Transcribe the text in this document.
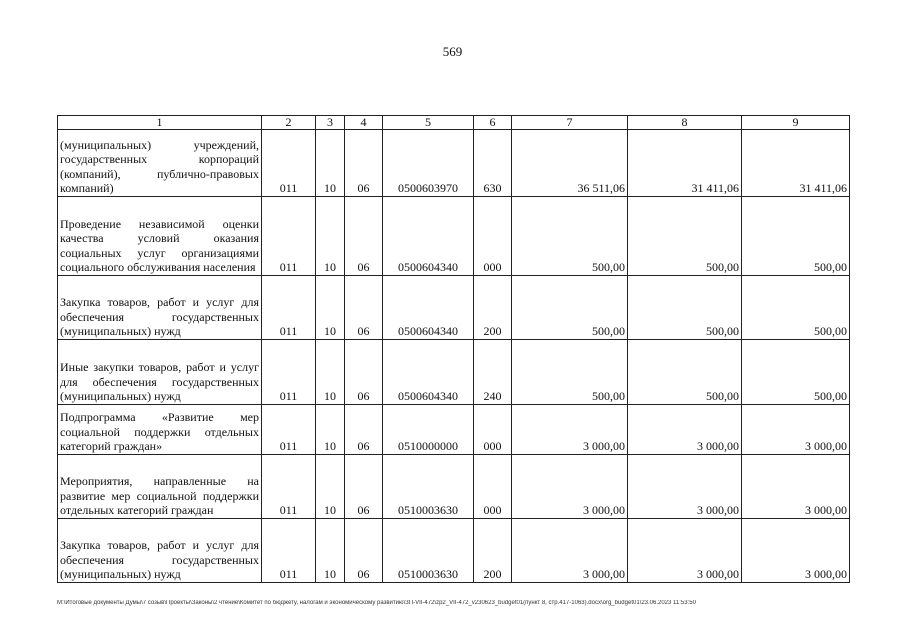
569
1	2	3	4	5	6	7	8	9
(муниципальных) учреждений, государственных корпораций (компаний), публично-правовых компаний)	011	10	06	0500603970	630	36 511,06	31 411,06	31 411,06
Проведение независимой оценки качества условий оказания социальных услуг организациями социального обслуживания населения	011	10	06	0500604340	000	500,00	500,00	500,00
Закупка товаров, работ и услуг для обеспечения государственных (муниципальных) нужд	011	10	06	0500604340	200	500,00	500,00	500,00
Иные закупки товаров, работ и услуг для обеспечения государственных (муниципальных) нужд	011	10	06	0500604340	240	500,00	500,00	500,00
Подпрограмма «Развитие мер социальной поддержки отдельных категорий граждан»	011	10	06	0510000000	000	3 000,00	3 000,00	3 000,00
Мероприятия, направленные на развитие мер социальной поддержки отдельных категорий граждан	011	10	06	0510003630	000	3 000,00	3 000,00	3 000,00
Закупка товаров, работ и услуг для обеспечения государственных (муниципальных) нужд	011	10	06	0510003630	200	3 000,00	3 000,00	3 000,00
M:\Итоговые документы Думы\7 созыв\Проекты\Законы\2 чтение\Комитет по бюджету, налогам и экономическому развитию\ЗП-VII-472\zp2_VII-472_v230623_budget01(пункт 8, стр.417-1063).docx\org_budget01\23.06.2023 11:53:50
